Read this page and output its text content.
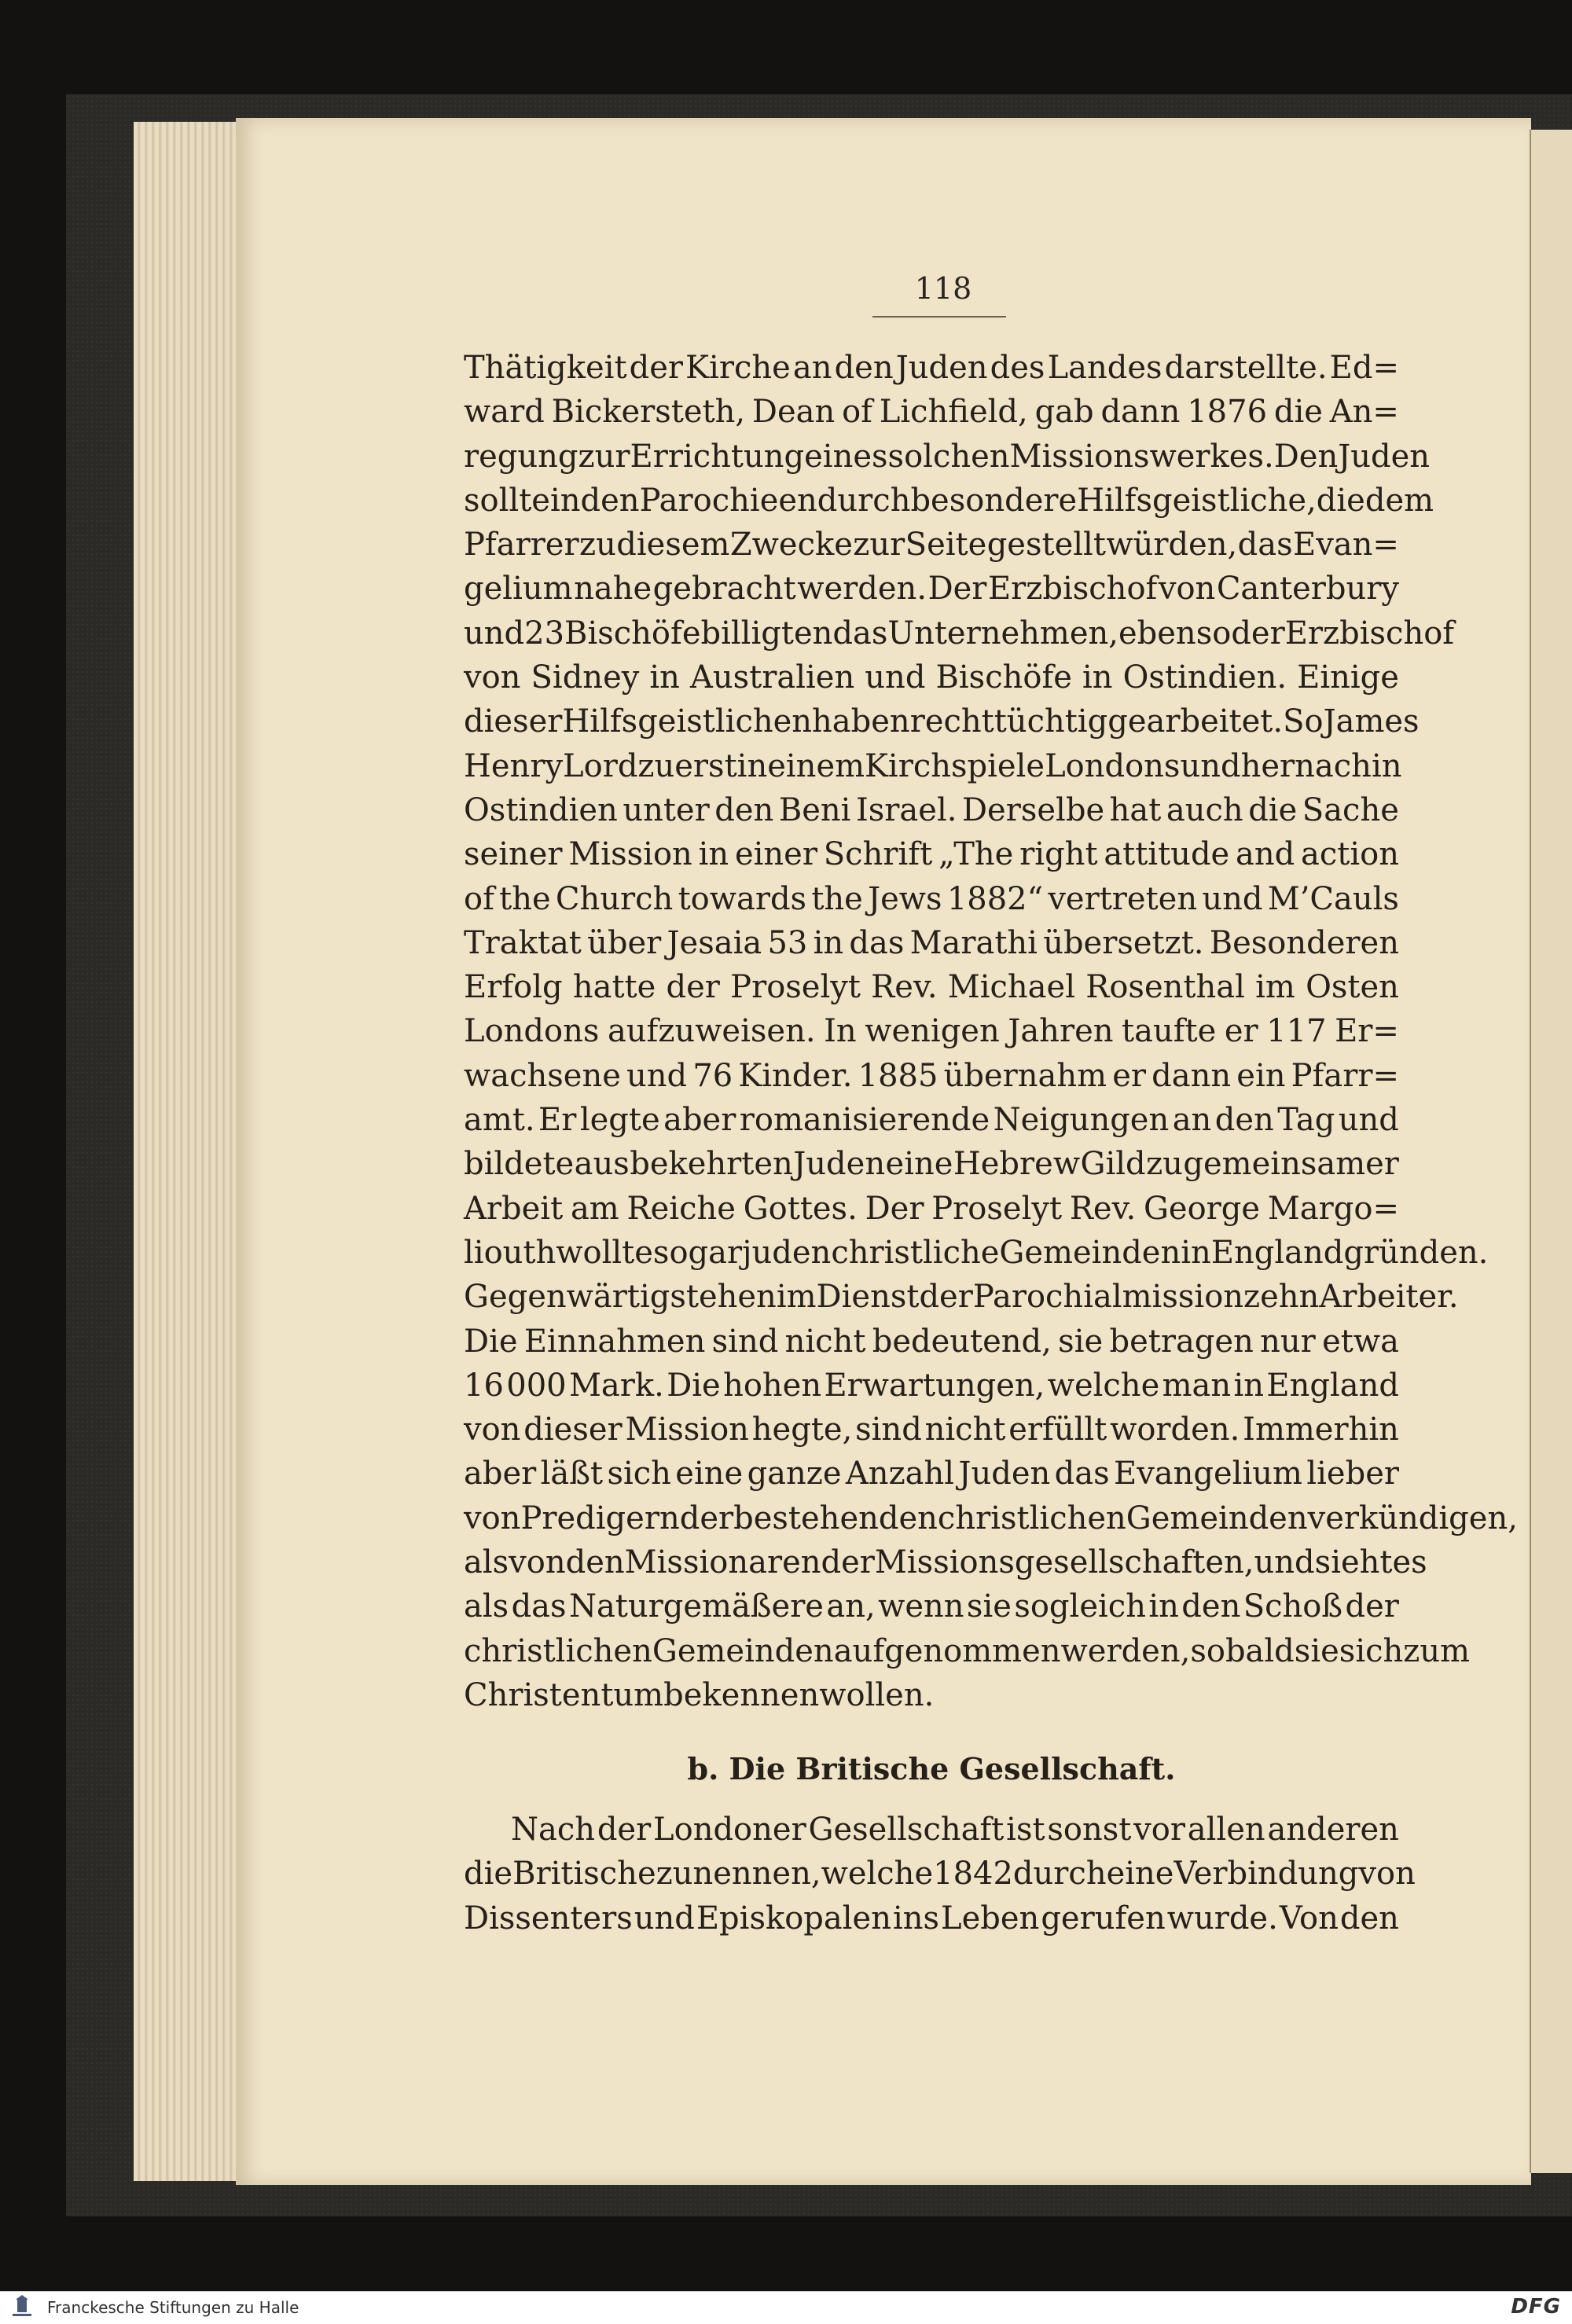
118
Thätigkeit der Kirche an den Juden des Landes darstellte. Ed=
ward Bickersteth, Dean of Lichfield, gab dann 1876 die An=
regung zur Errichtung eines solchen Missionswerkes. Den Juden
sollte in den Parochieen durch besondere Hilfsgeistliche, die dem
Pfarrer zu diesem Zwecke zur Seite gestellt würden, das Evan=
gelium nahe gebracht werden. Der Erzbischof von Canterbury
und 23 Bischöfe billigten das Unternehmen, ebenso der Erzbischof
von Sidney in Australien und Bischöfe in Ostindien. Einige
dieser Hilfsgeistlichen haben recht tüchtig gearbeitet. So James
Henry Lord zuerst in einem Kirchspiele Londons und hernach in
Ostindien unter den Beni Israel. Derselbe hat auch die Sache
seiner Mission in einer Schrift „The right attitude and action
of the Church towards the Jews 1882“ vertreten und M’Cauls
Traktat über Jesaia 53 in das Marathi übersetzt. Besonderen
Erfolg hatte der Proselyt Rev. Michael Rosenthal im Osten
Londons aufzuweisen. In wenigen Jahren taufte er 117 Er=
wachsene und 76 Kinder. 1885 übernahm er dann ein Pfarr=
amt. Er legte aber romanisierende Neigungen an den Tag und
bildete aus bekehrten Juden eine Hebrew Gild zu gemeinsamer
Arbeit am Reiche Gottes. Der Proselyt Rev. George Margo=
liouth wollte sogar judenchristliche Gemeinden in England gründen.
Gegenwärtig stehen im Dienst der Parochialmission zehn Arbeiter.
Die Einnahmen sind nicht bedeutend, sie betragen nur etwa
16 000 Mark. Die hohen Erwartungen, welche man in England
von dieser Mission hegte, sind nicht erfüllt worden. Immerhin
aber läßt sich eine ganze Anzahl Juden das Evangelium lieber
von Predigern der bestehenden christlichen Gemeinden verkündigen,
als von den Missionaren der Missionsgesellschaften, und sieht es
als das Naturgemäßere an, wenn sie sogleich in den Schoß der
christlichen Gemeinden aufgenommen werden, sobald sie sich zum
Christentum bekennen wollen.
b. Die Britische Gesellschaft.
Nach der Londoner Gesellschaft ist sonst vor allen anderen
die Britische zu nennen, welche 1842 durch eine Verbindung von
Dissenters und Episkopalen ins Leben gerufen wurde. Von den
Franckesche Stiftungen zu Halle	DFG
